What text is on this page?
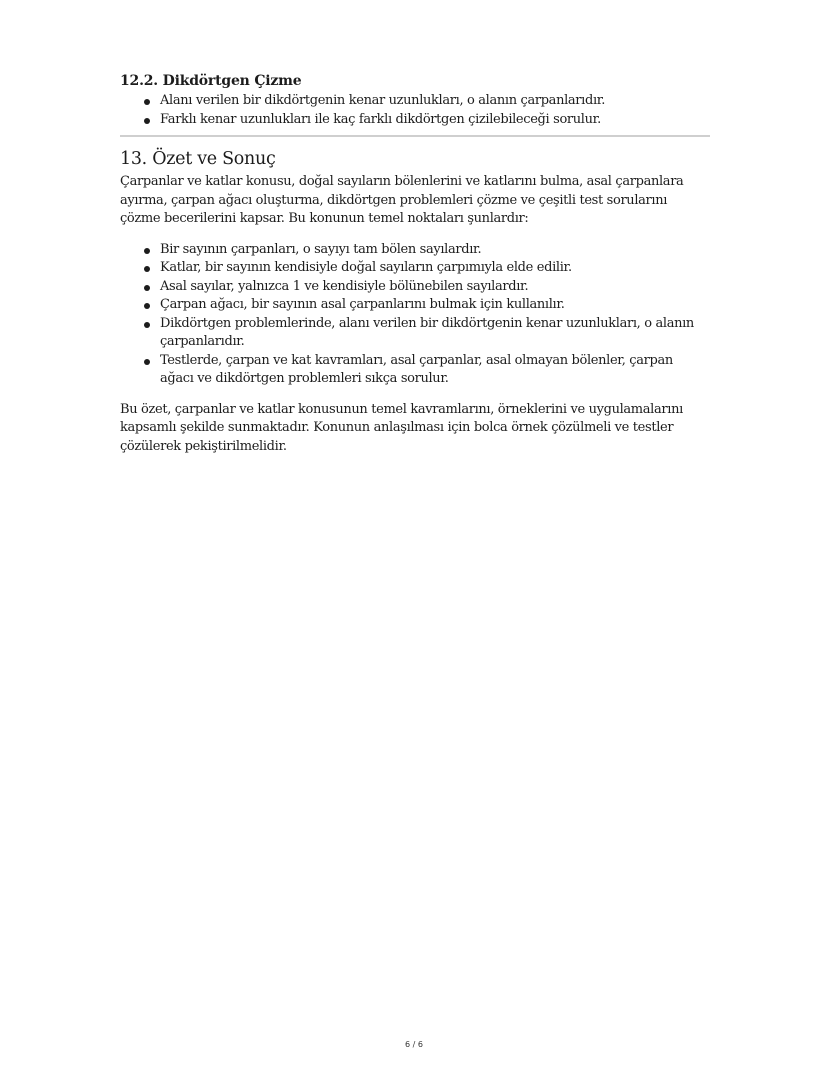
12.2. Dikdörtgen Çizme
Alanı verilen bir dikdörtgenin kenar uzunlukları, o alanın çarpanlarıdır.
Farklı kenar uzunlukları ile kaç farklı dikdörtgen çizilebileceği sorulur.
13. Özet ve Sonuç

Çarpanlar ve katlar konusu, doğal sayıların bölenlerini ve katlarını bulma, asal çarpanlara ayırma, çarpan ağacı oluşturma, dikdörtgen problemleri çözme ve çeşitli test sorularını çözme becerilerini kapsar. Bu konunun temel noktaları şunlardır:

Bir sayının çarpanları, o sayıyı tam bölen sayılardır.
Katlar, bir sayının kendisiyle doğal sayıların çarpımıyla elde edilir.
Asal sayılar, yalnızca 1 ve kendisiyle bölünebilen sayılardır.
Çarpan ağacı, bir sayının asal çarpanlarını bulmak için kullanılır.
Dikdörtgen problemlerinde, alanı verilen bir dikdörtgenin kenar uzunlukları, o alanın çarpanlarıdır.
Testlerde, çarpan ve kat kavramları, asal çarpanlar, asal olmayan bölenler, çarpan ağacı ve dikdörtgen problemleri sıkça sorulur.

Bu özet, çarpanlar ve katlar konusunun temel kavramlarını, örneklerini ve uygulamalarını kapsamlı şekilde sunmaktadır. Konunun anlaşılması için bolca örnek çözülmeli ve testler çözülerek pekiştirilmelidir.

6 / 6
